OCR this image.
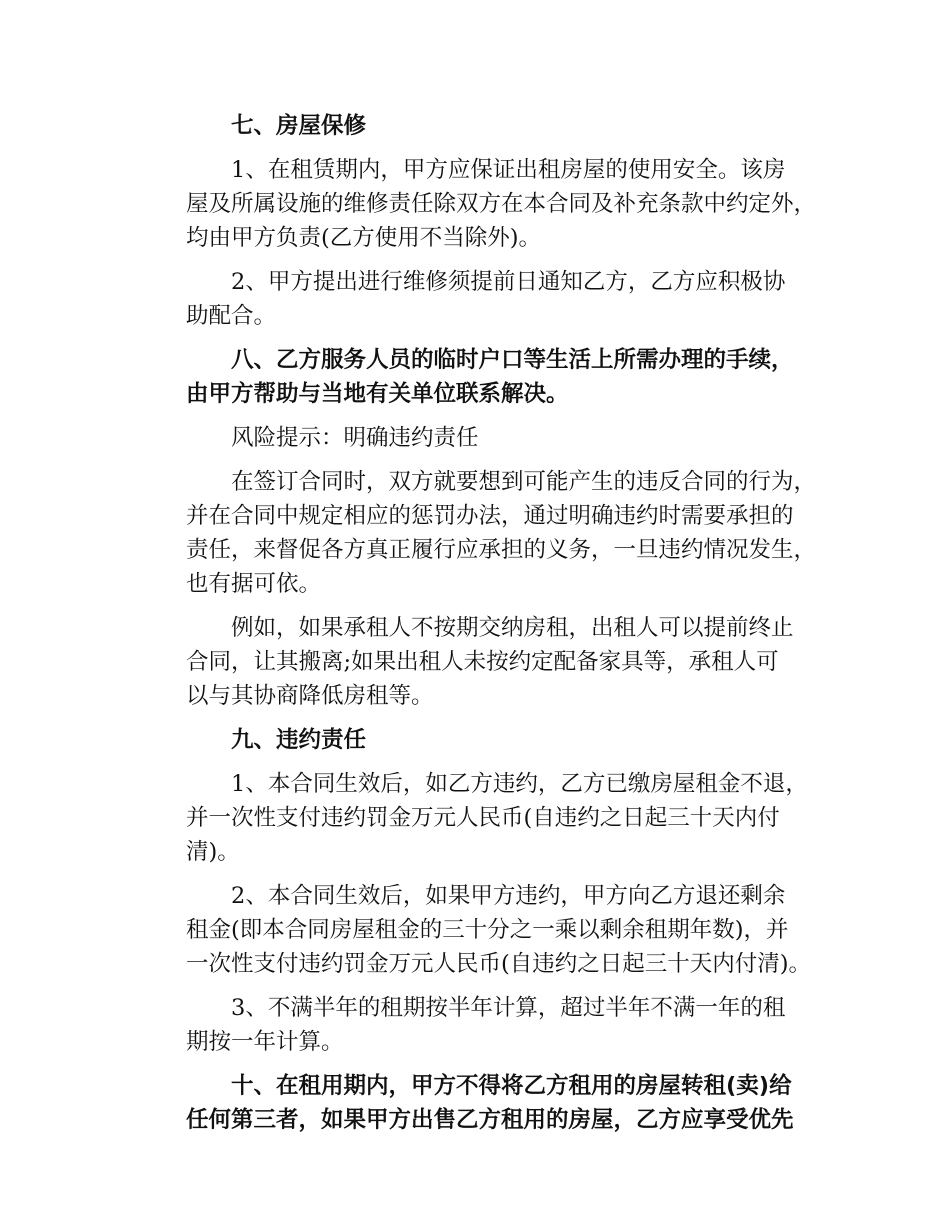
七、房屋保修
1、在租赁期内，甲方应保证出租房屋的使用安全。该房
屋及所属设施的维修责任除双方在本合同及补充条款中约定外，
均由甲方负责(乙方使用不当除外)。
2、甲方提出进行维修须提前日通知乙方，乙方应积极协
助配合。
八、乙方服务人员的临时户口等生活上所需办理的手续，
由甲方帮助与当地有关单位联系解决。
风险提示：明确违约责任
在签订合同时，双方就要想到可能产生的违反合同的行为，
并在合同中规定相应的惩罚办法，通过明确违约时需要承担的
责任，来督促各方真正履行应承担的义务，一旦违约情况发生，
也有据可依。
例如，如果承租人不按期交纳房租，出租人可以提前终止
合同，让其搬离;如果出租人未按约定配备家具等，承租人可
以与其协商降低房租等。
九、违约责任
1、本合同生效后，如乙方违约，乙方已缴房屋租金不退，
并一次性支付违约罚金万元人民币(自违约之日起三十天内付
清)。
2、本合同生效后，如果甲方违约，甲方向乙方退还剩余
租金(即本合同房屋租金的三十分之一乘以剩余租期年数)，并
一次性支付违约罚金万元人民币(自违约之日起三十天内付清)。
3、不满半年的租期按半年计算，超过半年不满一年的租
期按一年计算。
十、在租用期内，甲方不得将乙方租用的房屋转租(卖)给
任何第三者，如果甲方出售乙方租用的房屋，乙方应享受优先
